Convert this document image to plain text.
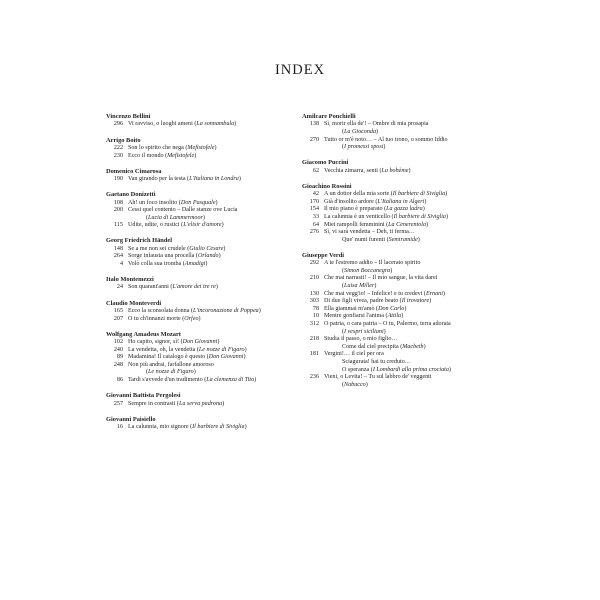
INDEX
Vincenzo Bellini
296 Vi ravviso, o luoghi ameni (La sonnambula)
Arrigo Boito
222 Son lo spirito che nega (Mefistofele)
230 Ecco il mondo (Mefistofele)
Domenico Cimarosa
190 Van girando per la testa (L'Italiana in Londra)
Gaetano Donizetti
108 Ah! un foco insolito (Don Pasquale)
200 Cessi quel contento – Dalle stanze ove Lucia
(Lucia di Lammermoor)
115 Udite, udite, o rustici (L'elisir d'amore)
Georg Friedrich Händel
148 Se a me non sei crudele (Giulio Cesare)
264 Sorge infausta una procella (Orlando)
4 Volò colla sua tromba (Amadigi)
Italo Montemezzi
24 Son quarant'anni (L'amore dei tre re)
Claudio Monteverdi
165 Ecco la sconsolata donna (L'incoronazione di Poppea)
207 O tu ch'innanzi morte (Orfeo)
Wolfgang Amadeus Mozart
102 Ho capito, signor, sì! (Don Giovanni)
240 La vendetta, oh, la vendetta (Le nozze di Figaro)
89 Madamina! Il catalogo è questo (Don Giovanni)
248 Non più andrai, farfallone amoroso
(Le nozze di Figaro)
86 Tardi s'avvede d'un tradimento (La clemenza di Tito)
Giovanni Battista Pergolesi
257 Sempre in contrasti (La serva padrona)
Giovanni Paisiello
16 La calunnia, mio signore (Il barbiere di Siviglia)
Amilcare Ponchielli
138 Sì, morir ella de'! – Ombre di mia prosapia
(La Gioconda)
270 Tutto or m'è noto… – Al tuo trono, o sommo Iddio
(I promessi sposi)
Giacomo Puccini
62 Vecchia zimarra, senti (La bohème)
Gioachino Rossini
42 A un dottor della mia sorte (Il barbiere di Siviglia)
170 Già d'insolito ardore (L'Italiana in Algeri)
154 Il mio piano è preparato (La gazza ladra)
33 La calunnia è un venticello (Il barbiere di Siviglia)
64 Miei rampolli femminini (La Cenerentola)
276 Sì, vi sarà vendetta – Deh, ti ferma…
Que' numi furenti (Semiramide)
Giuseppe Verdi
292 A te l'estremo addio – Il lacerato spirito
(Simon Boccanegra)
210 Che mai narrasti! – Il mio sangue, la vita darei
(Luisa Miller)
130 Che mai vegg'io! – Infelice! e tu credevi (Ernani)
303 Di due figli vivea, padre beato (Il trovatore)
78 Ella giammai m'amò (Don Carlo)
10 Mentre gonfiarsi l'anima (Attila)
312 O patria, o cara patria – O tu, Palermo, terra adorata
(I vespri siciliani)
218 Studia il passo, o mio figlio…
Come dal ciel precipita (Macbeth)
181 Vergini!… il ciel per ora
Sciagurata! hai tu creduto…
O speranza (I Lombardi alla prima crociata)
236 Vieni, o Levita! – Tu sul labbro de' veggenti
(Nabucco)
